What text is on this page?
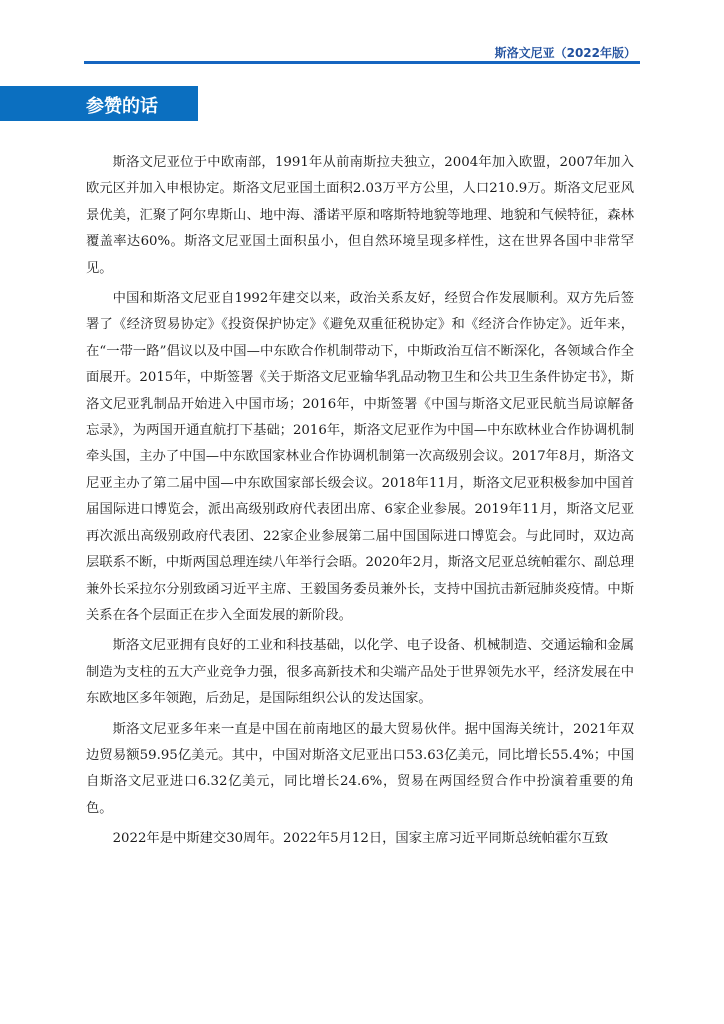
斯洛文尼亚（2022年版）
参赞的话

斯洛文尼亚位于中欧南部，1991年从前南斯拉夫独立，2004年加入欧盟，2007年加入欧元区并加入申根协定。斯洛文尼亚国土面积2.03万平方公里，人口210.9万。斯洛文尼亚风景优美，汇聚了阿尔卑斯山、地中海、潘诺平原和喀斯特地貌等地理、地貌和气候特征，森林覆盖率达60%。斯洛文尼亚国土面积虽小，但自然环境呈现多样性，这在世界各国中非常罕见。

中国和斯洛文尼亚自1992年建交以来，政治关系友好，经贸合作发展顺利。双方先后签署了《经济贸易协定》《投资保护协定》《避免双重征税协定》和《经济合作协定》。近年来，在“一带一路”倡议以及中国—中东欧合作机制带动下，中斯政治互信不断深化，各领域合作全面展开。2015年，中斯签署《关于斯洛文尼亚输华乳品动物卫生和公共卫生条件协定书》，斯洛文尼亚乳制品开始进入中国市场；2016年，中斯签署《中国与斯洛文尼亚民航当局谅解备忘录》，为两国开通直航打下基础；2016年，斯洛文尼亚作为中国—中东欧林业合作协调机制牵头国，主办了中国—中东欧国家林业合作协调机制第一次高级别会议。2017年8月，斯洛文尼亚主办了第二届中国—中东欧国家部长级会议。2018年11月，斯洛文尼亚积极参加中国首届国际进口博览会，派出高级别政府代表团出席、6家企业参展。2019年11月，斯洛文尼亚再次派出高级别政府代表团、22家企业参展第二届中国国际进口博览会。与此同时，双边高层联系不断，中斯两国总理连续八年举行会晤。2020年2月，斯洛文尼亚总统帕霍尔、副总理兼外长采拉尔分别致函习近平主席、王毅国务委员兼外长，支持中国抗击新冠肺炎疫情。中斯关系在各个层面正在步入全面发展的新阶段。

斯洛文尼亚拥有良好的工业和科技基础，以化学、电子设备、机械制造、交通运输和金属制造为支柱的五大产业竞争力强，很多高新技术和尖端产品处于世界领先水平，经济发展在中东欧地区多年领跑，后劲足，是国际组织公认的发达国家。

斯洛文尼亚多年来一直是中国在前南地区的最大贸易伙伴。据中国海关统计，2021年双边贸易额59.95亿美元。其中，中国对斯洛文尼亚出口53.63亿美元，同比增长55.4%；中国自斯洛文尼亚进口6.32亿美元，同比增长24.6%，贸易在两国经贸合作中扮演着重要的角色。

2022年是中斯建交30周年。2022年5月12日，国家主席习近平同斯总统帕霍尔互致
